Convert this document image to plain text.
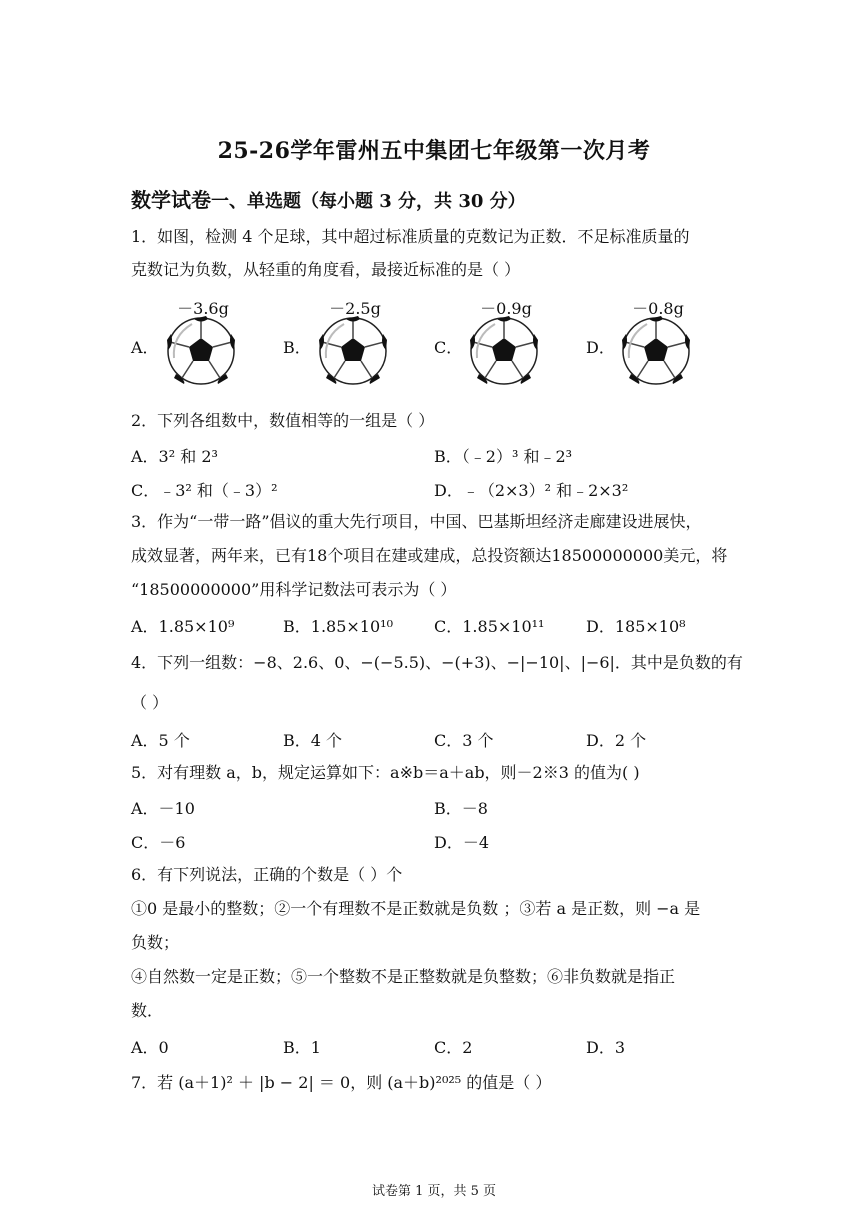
25-26学年雷州五中集团七年级第一次月考
数学试卷一、单选题（每小题 3 分，共 30 分）
1．如图，检测 4 个足球，其中超过标准质量的克数记为正数．不足标准质量的
克数记为负数，从轻重的角度看，最接近标准的是（ ）
A．	B．	C．	D．
－3.6g	－2.5g	－0.9g	－0.8g
2．下列各组数中，数值相等的一组是（ ）
A．3² 和 2³	B．（﹣2）³ 和﹣2³
C．﹣3² 和（﹣3）²	D．﹣（2×3）² 和﹣2×3²
3．作为“一带一路”倡议的重大先行项目，中国、巴基斯坦经济走廊建设进展快，
成效显著，两年来，已有18个项目在建或建成，总投资额达18500000000美元，将
“18500000000”用科学记数法可表示为（ ）
A．1.85×10⁹	B．1.85×10¹⁰	C．1.85×10¹¹	D．185×10⁸
4．下列一组数：−8、2.6、0、−(−5.5)、−(+3)、−|−10|、|−6|．其中是负数的有
（ ）
A．5 个	B．4 个	C．3 个	D．2 个
5．对有理数 a，b，规定运算如下：a※b＝a＋ab，则－2※3 的值为( )
A．－10	B．－8
C．－6	D．－4
6．有下列说法，正确的个数是（ ）个
①0 是最小的整数；②一个有理数不是正数就是负数 ；③若 a 是正数，则 −a 是
负数；
④自然数一定是正数；⑤一个整数不是正整数就是负整数；⑥非负数就是指正
数．
A．0	B．1	C．2	D．3
7．若 (a＋1)² ＋ |b − 2| ＝ 0，则 (a＋b)²⁰²⁵ 的值是（ ）
试卷第 1 页，共 5 页
